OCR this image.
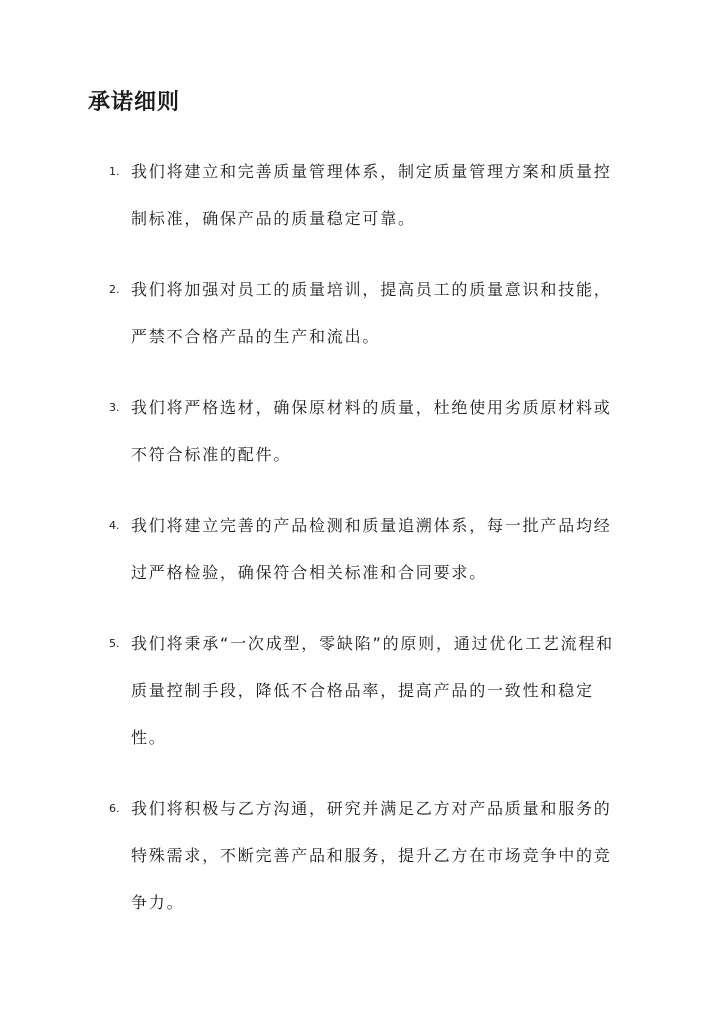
承诺细则
1. 我们将建立和完善质量管理体系，制定质量管理方案和质量控制标准，确保产品的质量稳定可靠。
2. 我们将加强对员工的质量培训，提高员工的质量意识和技能，严禁不合格产品的生产和流出。
3. 我们将严格选材，确保原材料的质量，杜绝使用劣质原材料或不符合标准的配件。
4. 我们将建立完善的产品检测和质量追溯体系，每一批产品均经过严格检验，确保符合相关标准和合同要求。
5. 我们将秉承“一次成型，零缺陷”的原则，通过优化工艺流程和质量控制手段，降低不合格品率，提高产品的一致性和稳定性。
6. 我们将积极与乙方沟通，研究并满足乙方对产品质量和服务的特殊需求，不断完善产品和服务，提升乙方在市场竞争中的竞争力。
